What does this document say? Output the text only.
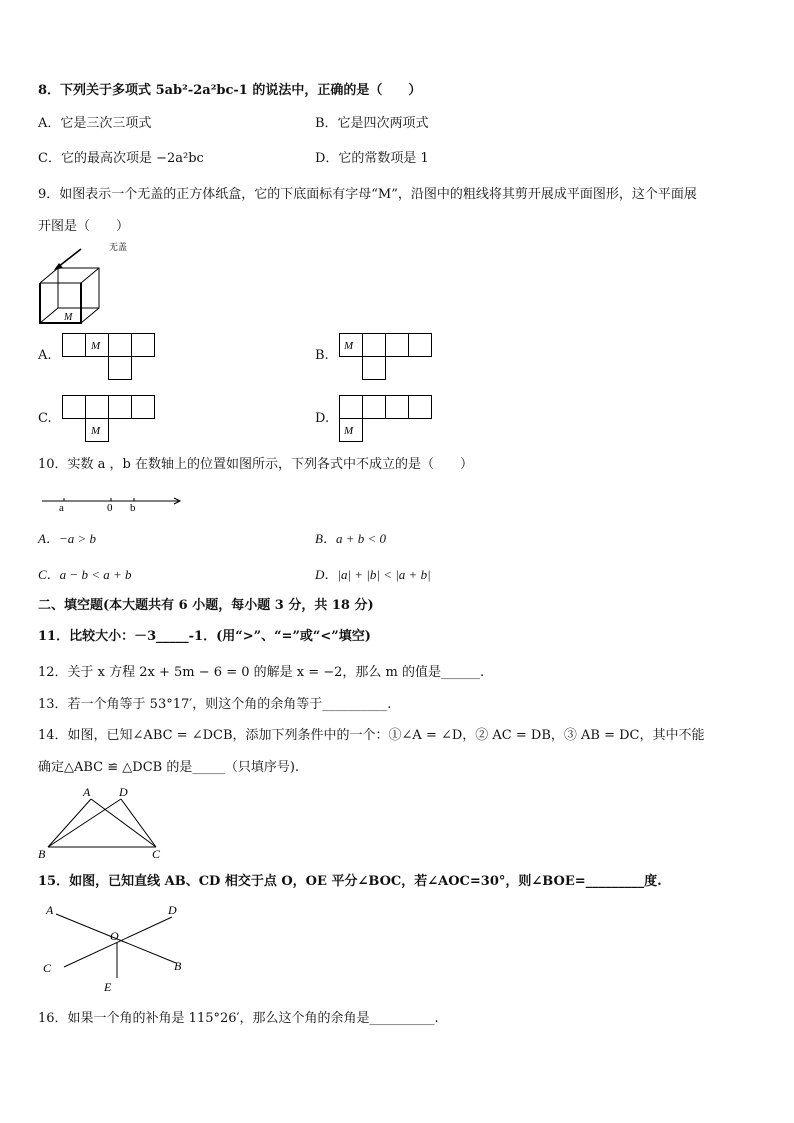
8．下列关于多项式 5ab²-2a²bc-1 的说法中，正确的是（　　）
A．它是三次三项式	B．它是四次两项式
C．它的最高次项是 −2a²bc	D．它的常数项是 1
9．如图表示一个无盖的正方体纸盒，它的下底面标有字母“M”，沿图中的粗线将其剪开展成平面图形，这个平面展
开图是（　　）
无盖
M
A.
M
B.
M
C.
M
D.
M
10．实数 a ，b 在数轴上的位置如图所示，下列各式中不成立的是（　　）
a	0 b
A．−a > b	B．a + b < 0
C．a − b < a + b	D．|a| + |b| < |a + b|
二、填空题(本大题共有 6 小题，每小题 3 分，共 18 分)
11．比较大小：－3_____-1．(用“>”、“=”或“<”填空)
12．关于 x 方程 2x + 5m − 6 = 0 的解是 x = −2，那么 m 的值是______.
13．若一个角等于 53°17′，则这个角的余角等于__________.
14．如图，已知∠ABC = ∠DCB，添加下列条件中的一个：①∠A = ∠D，② AC = DB，③ AB = DC，其中不能
确定△ABC ≌ △DCB 的是_____（只填序号).
A D
B	C
15．如图，已知直线 AB、CD 相交于点 O，OE 平分∠BOC，若∠AOC=30°，则∠BOE=_________度.
A	D
O
C	B
E
16．如果一个角的补角是 115°26′，那么这个角的余角是__________.
